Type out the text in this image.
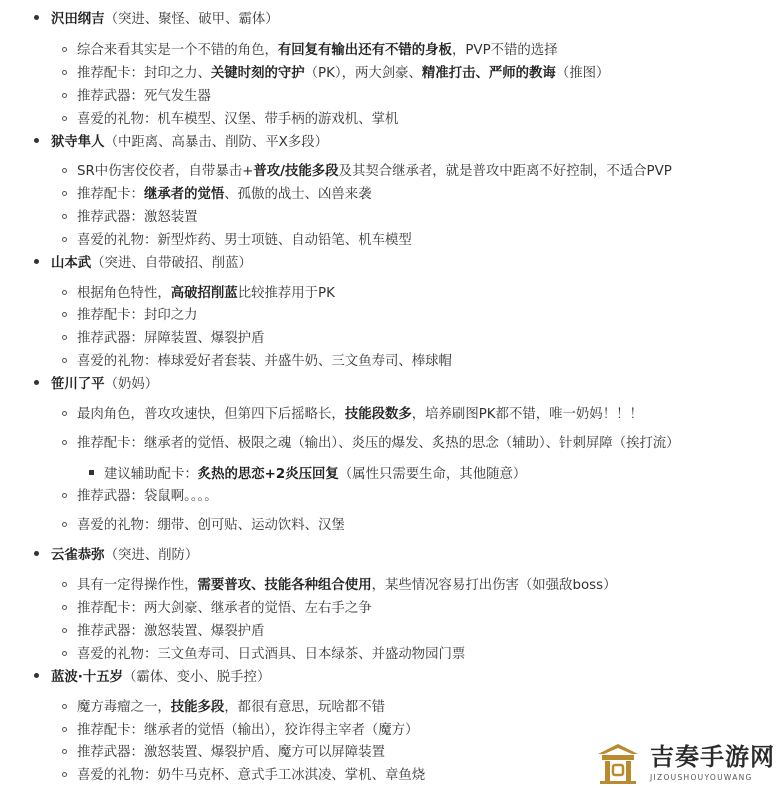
沢田纲吉（突进、聚怪、破甲、霸体）
综合来看其实是一个不错的角色，有回复有输出还有不错的身板，PVP不错的选择
推荐配卡：封印之力、关键时刻的守护（PK），两大剑豪、精准打击、严师的教诲（推图）
推荐武器：死气发生器
喜爱的礼物：机车模型、汉堡、带手柄的游戏机、掌机
狱寺隼人（中距离、高暴击、削防、平X多段）
SR中伤害佼佼者，自带暴击+普攻/技能多段及其契合继承者，就是普攻中距离不好控制，不适合PVP
推荐配卡：继承者的觉悟、孤傲的战士、凶兽来袭
推荐武器：激怒装置
喜爱的礼物：新型炸药、男士项链、自动铅笔、机车模型
山本武（突进、自带破招、削蓝）
根据角色特性，高破招削蓝比较推荐用于PK
推荐配卡：封印之力
推荐武器：屏障装置、爆裂护盾
喜爱的礼物：棒球爱好者套装、并盛牛奶、三文鱼寿司、棒球帽
笹川了平（奶妈）
最肉角色，普攻攻速快，但第四下后摇略长，技能段数多，培养刷图PK都不错，唯一奶妈！！！
推荐配卡：继承者的觉悟、极限之魂（输出）、炎压的爆发、炙热的思念（辅助）、针刺屏障（挨打流）
建议辅助配卡：炙热的思恋+2炎压回复（属性只需要生命，其他随意）
推荐武器：袋鼠啊。。。。
喜爱的礼物：绷带、创可贴、运动饮料、汉堡
云雀恭弥（突进、削防）
具有一定得操作性，需要普攻、技能各种组合使用，某些情况容易打出伤害（如强敌boss）
推荐配卡：两大剑豪、继承者的觉悟、左右手之争
推荐武器：激怒装置、爆裂护盾
喜爱的礼物：三文鱼寿司、日式酒具、日本绿茶、并盛动物园门票
蓝波·十五岁（霸体、变小、脱手控）
魔方毒瘤之一，技能多段，都很有意思，玩啥都不错
推荐配卡：继承者的觉悟（输出），狡诈得主宰者（魔方）
推荐武器：激怒装置、爆裂护盾、魔方可以屏障装置
喜爱的礼物：奶牛马克杯、意式手工冰淇凌、掌机、章鱼烧
吉奏手游网
JIZOUSHOUYOUWANG
